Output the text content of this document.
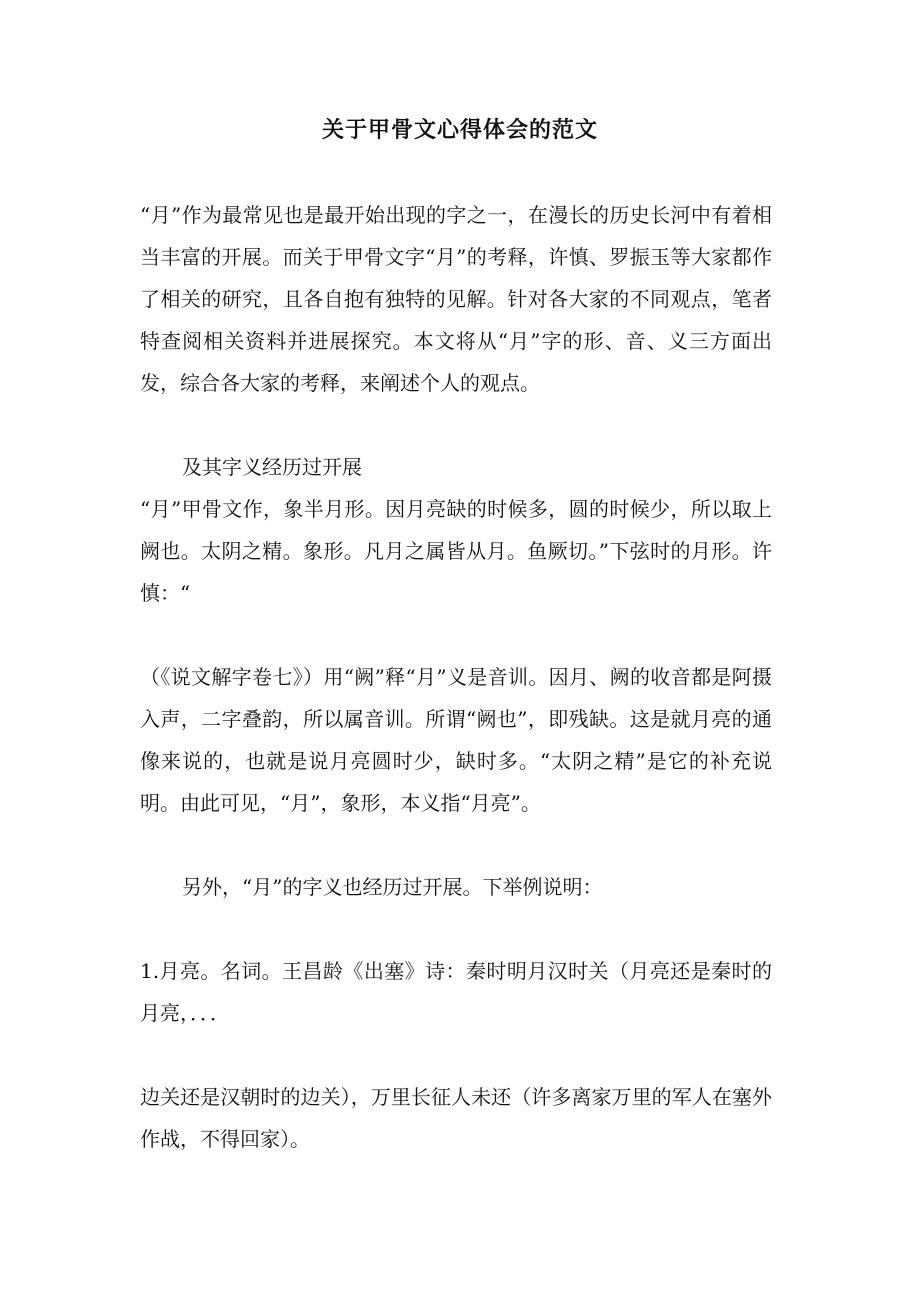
关于甲骨文心得体会的范文
“月”作为最常见也是最开始出现的字之一，在漫长的历史长河中有着相当丰富的开展。而关于甲骨文字“月”的考释，许慎、罗振玉等大家都作了相关的研究，且各自抱有独特的见解。针对各大家的不同观点，笔者特查阅相关资料并进展探究。本文将从“月”字的形、音、义三方面出发，综合各大家的考释，来阐述个人的观点。
及其字义经历过开展
“月”甲骨文作，象半月形。因月亮缺的时候多，圆的时候少，所以取上阙也。太阴之精。象形。凡月之属皆从月。鱼厥切。”下弦时的月形。许慎：“
（《说文解字卷七》）用“阙”释“月”义是音训。因月、阙的收音都是阿摄入声，二字叠韵，所以属音训。所谓“阙也”，即残缺。这是就月亮的通像来说的，也就是说月亮圆时少，缺时多。“太阴之精”是它的补充说明。由此可见，“月”，象形，本义指“月亮”。
另外，“月”的字义也经历过开展。下举例说明：
1.月亮。名词。王昌龄《出塞》诗：秦时明月汉时关（月亮还是秦时的月亮，．．．
边关还是汉朝时的边关），万里长征人未还（许多离家万里的军人在塞外作战，不得回家）。
